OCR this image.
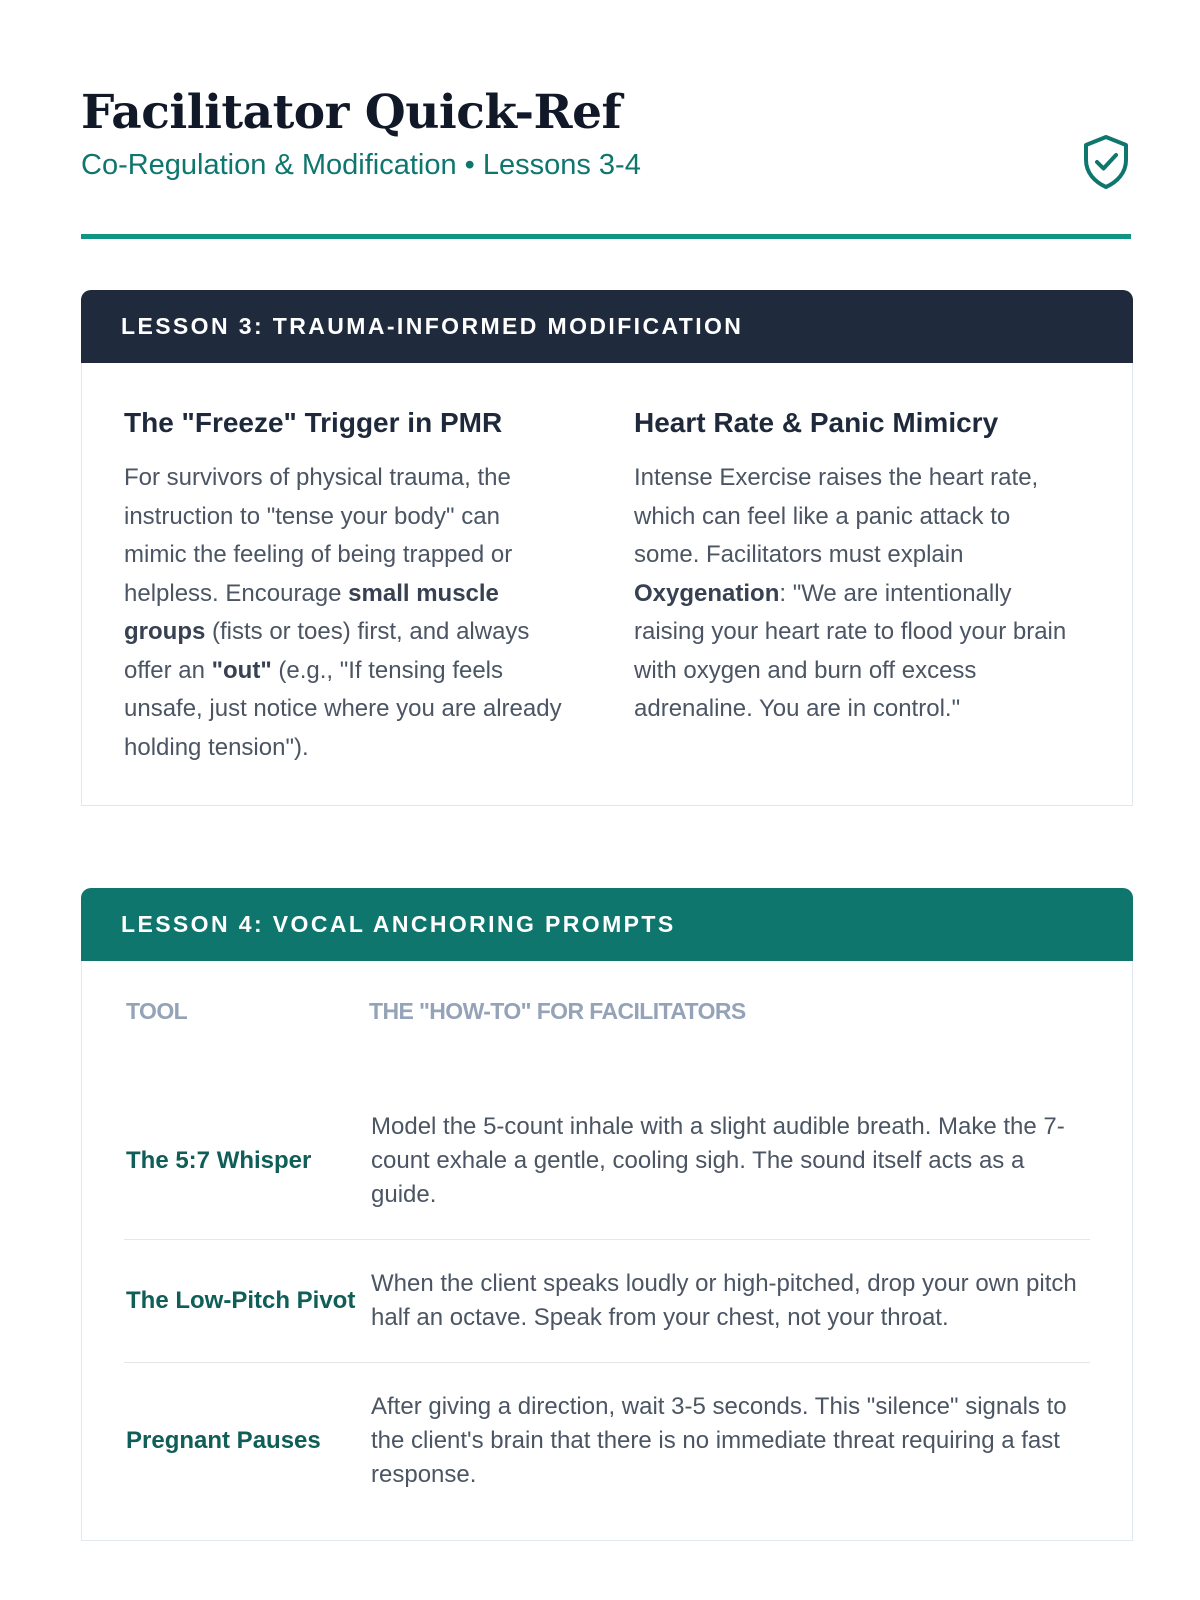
Facilitator Quick-Ref
Co-Regulation & Modification • Lessons 3-4
LESSON 3: TRAUMA-INFORMED MODIFICATION
The "Freeze" Trigger in PMR

For survivors of physical trauma, the instruction to "tense your body" can mimic the feeling of being trapped or helpless. Encourage small muscle groups (fists or toes) first, and always offer an "out" (e.g., "If tensing feels unsafe, just notice where you are already holding tension").

Heart Rate & Panic Mimicry

Intense Exercise raises the heart rate, which can feel like a panic attack to some. Facilitators must explain Oxygenation: "We are intentionally raising your heart rate to flood your brain with oxygen and burn off excess adrenaline. You are in control."

LESSON 4: VOCAL ANCHORING PROMPTS
TOOL	THE "HOW-TO" FOR FACILITATORS
The 5:7 Whisper
Model the 5-count inhale with a slight audible breath. Make the 7-count exhale a gentle, cooling sigh. The sound itself acts as a guide.
The Low-Pitch Pivot
When the client speaks loudly or high-pitched, drop your own pitch half an octave. Speak from your chest, not your throat.
Pregnant Pauses
After giving a direction, wait 3-5 seconds. This "silence" signals to the client's brain that there is no immediate threat requiring a fast response.
